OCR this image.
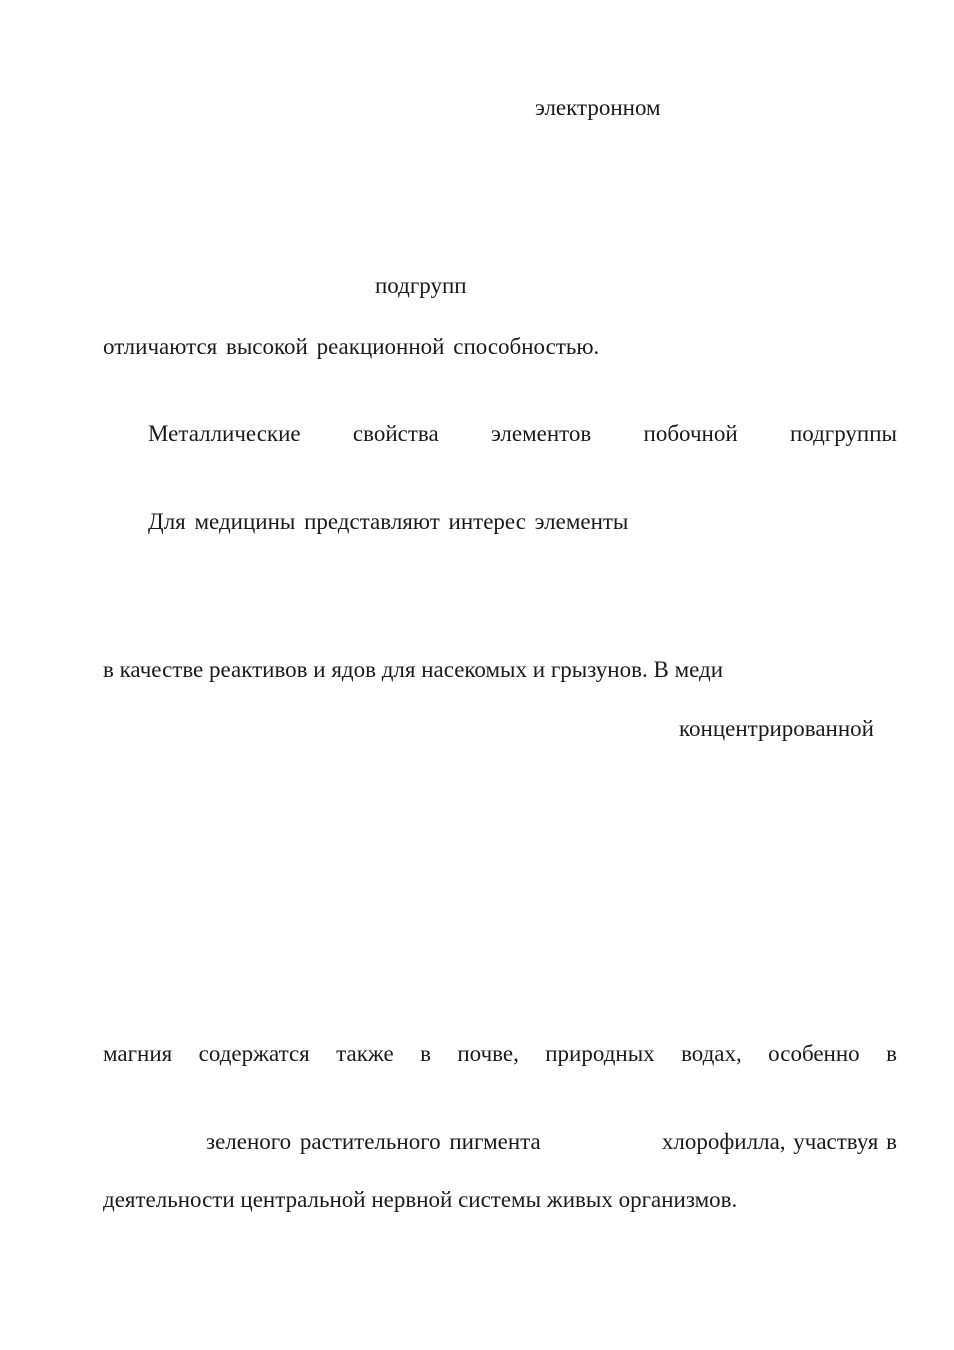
электронном
подгрупп
отличаются высокой реакционной способностью.
Металлические свойства элементов побочной подгруппы
Для медицины представляют интерес элементы
в качестве реактивов и ядов для насекомых и грызунов. В меди
концентрированной
магния содержатся также в почве, природных водах, особенно в
зеленого растительного пигмента	хлорофилла, участвуя в
деятельности центральной нервной системы живых организмов.
